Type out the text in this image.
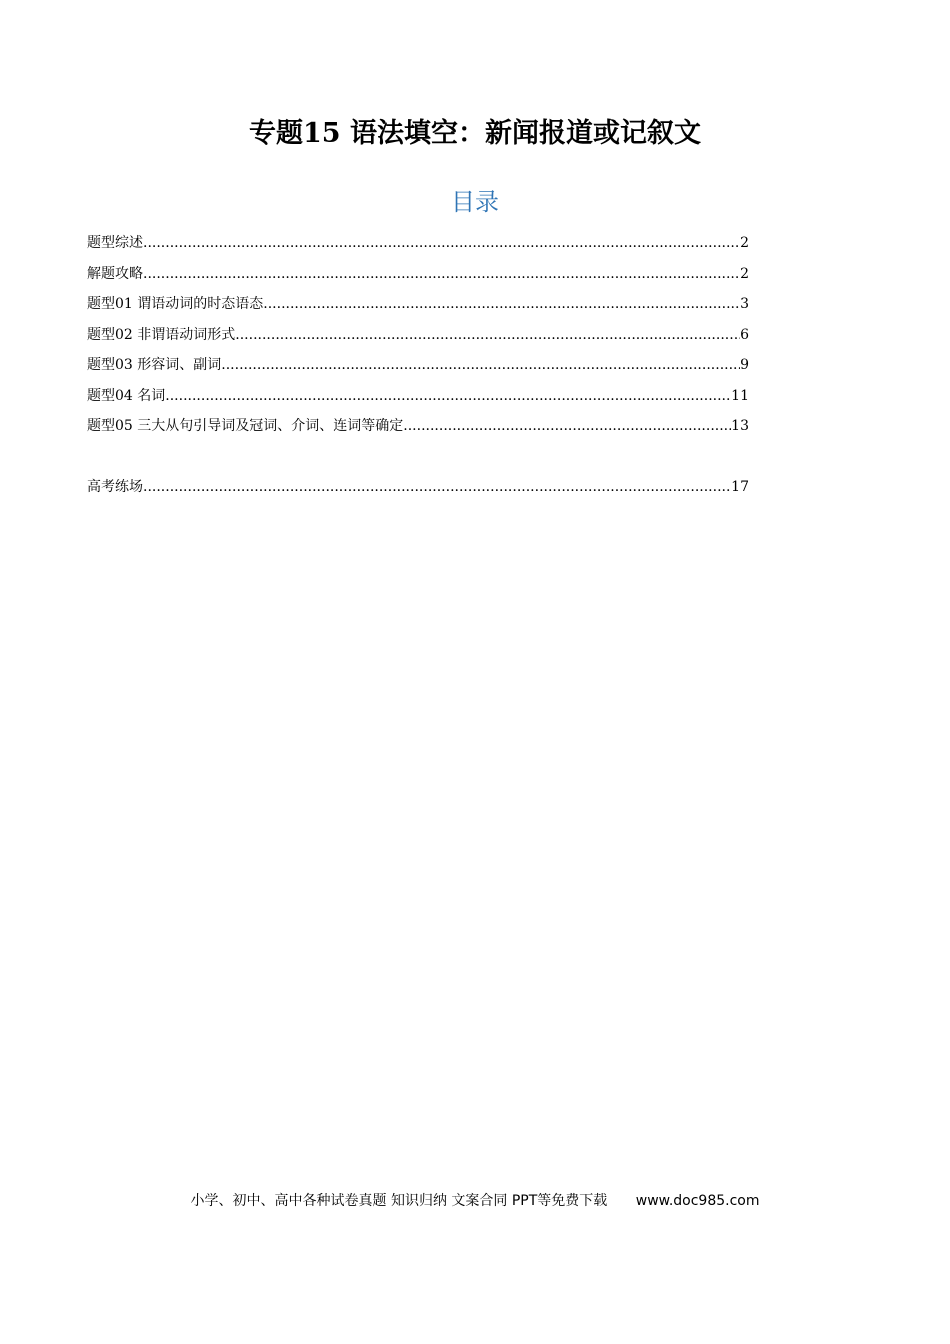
专题15 语法填空：新闻报道或记叙文
目录
题型综述 .....	2
解题攻略 .....	2
题型01 谓语动词的时态语态 .....	3
题型02 非谓语动词形式 .....	6
题型03 形容词、副词 .....	9
题型04 名词 .....	11
题型05 三大从句引导词及冠词、介词、连词等确定 .....	13
高考练场 .....	17
小学、初中、高中各种试卷真题 知识归纳 文案合同 PPT等免费下载 www.doc985.com
